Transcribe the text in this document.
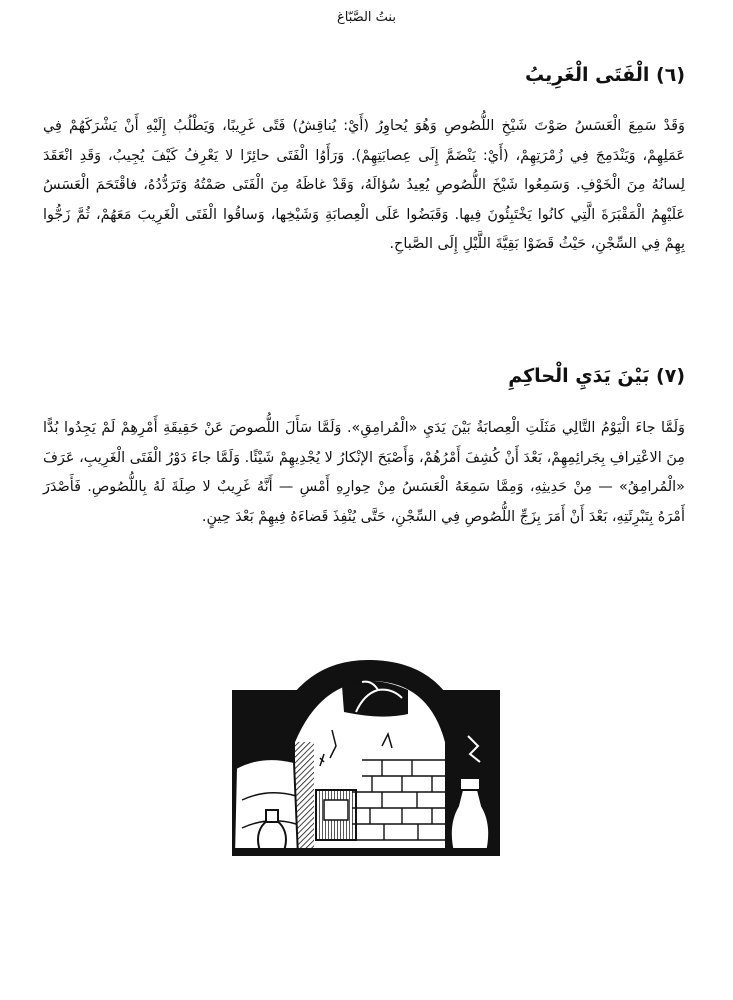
بنتُ الصَّبّاغ
(٦) الْفَتَى الْغَرِيبُ
وَقَدْ سَمِعَ الْعَسَسُ صَوْتَ شَيْخِ اللُّصُوصِ وَهُوَ يُحاوِرُ (أَيْ: يُناقِشُ) فَتًى غَرِيبًا، وَيَطْلُبُ إِلَيْهِ أَنْ يَشْرَكَهُمْ فِي عَمَلِهِمْ، وَيَنْدَمِجَ فِي زُمْرَتِهِمْ، (أَيْ: يَنْضَمَّ إِلَى عِصابَتِهِمْ). وَرَأَوُا الْفَتَى حائِرًا لا يَعْرِفُ كَيْفَ يُجِيبُ، وَقَدِ انْعَقَدَ لِسانُهُ مِنَ الْخَوْفِ. وَسَمِعُوا شَيْخَ اللُّصُوصِ يُعِيدُ سُؤالَهُ، وَقَدْ غاظَهُ مِنَ الْفَتَى صَمْتُهُ وَتَرَدُّدُهُ، فاقْتَحَمَ الْعَسَسُ عَلَيْهِمُ الْمَقْبَرَةَ الَّتِي كانُوا يَخْتَبِئُونَ فِيها. وَقَبَضُوا عَلَى الْعِصابَةِ وَشَيْخِها، وَساقُوا الْفَتَى الْغَرِيبَ مَعَهُمْ، ثُمَّ زَجُّوا بِهِمْ فِي السِّجْنِ، حَيْثُ قَضَوْا بَقِيَّةَ اللَّيْلِ إِلَى الصَّباحِ.
(٧) بَيْنَ يَدَيِ الْحاكِمِ
وَلَمَّا جاءَ الْيَوْمُ التَّالِي مَثَلَتِ الْعِصابَةُ بَيْنَ يَدَيِ «الْمُرامِقِ». وَلَمَّا سَأَلَ اللُّصوصَ عَنْ حَقِيقَةِ أَمْرِهِمْ لَمْ يَجِدُوا بُدًّا مِنَ الاعْتِرافِ بِجَرائِمِهِمْ، بَعْدَ أَنْ كُشِفَ أَمْرُهُمْ، وَأَصْبَحَ الإنْكارُ لا يُجْدِيهِمْ شَيْئًا. وَلَمَّا جاءَ دَوْرُ الْفَتَى الْغَرِيبِ، عَرَفَ «الْمُرامِقُ» — مِنْ حَدِيثِهِ، وَمِمَّا سَمِعَهُ الْعَسَسُ مِنْ حِوارِهِ أَمْسِ — أَنَّهُ غَرِيبٌ لا صِلَةَ لَهُ بِاللُّصُوصِ. فَأَصْدَرَ أَمْرَهُ بِتَبْرِئَتِهِ، بَعْدَ أَنْ أَمَرَ بِزَجِّ اللُّصُوصِ فِي السِّجْنِ، حَتَّى يُنْفِذَ قَضاءَهُ فِيهِمْ بَعْدَ حِينٍ.
